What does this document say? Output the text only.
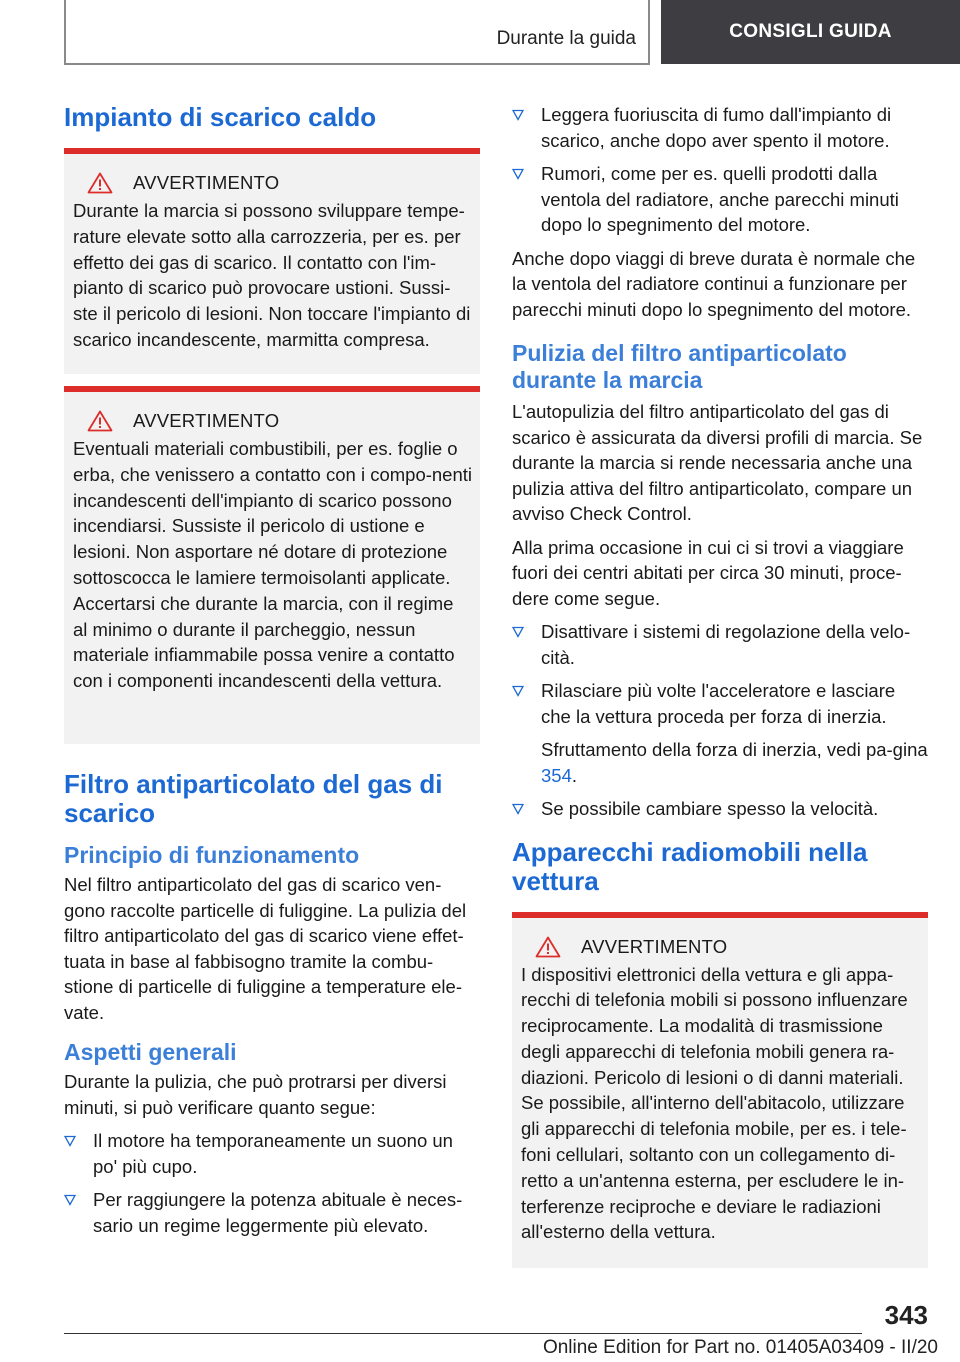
Durante la guida	CONSIGLI GUIDA
Impianto di scarico caldo
AVVERTIMENTO

Durante la marcia si possono sviluppare tempe-rature elevate sotto alla carrozzeria, per es. per effetto dei gas di scarico. Il contatto con l'im-pianto di scarico può provocare ustioni. Sussi-ste il pericolo di lesioni. Non toccare l'impianto di scarico incandescente, marmitta compresa.

AVVERTIMENTO

Eventuali materiali combustibili, per es. foglie o erba, che venissero a contatto con i compo-nenti incandescenti dell'impianto di scarico possono incendiarsi. Sussiste il pericolo di ustione e lesioni. Non asportare né dotare di protezione sottoscocca le lamiere termoisolanti applicate. Accertarsi che durante la marcia, con il regime al minimo o durante il parcheggio, nessun materiale infiammabile possa venire a contatto con i componenti incandescenti della vettura.

Filtro antiparticolato del gas di scarico
Principio di funzionamento

Nel filtro antiparticolato del gas di scarico ven-gono raccolte particelle di fuliggine. La pulizia del filtro antiparticolato del gas di scarico viene effet-tuata in base al fabbisogno tramite la combu-stione di particelle di fuliggine a temperature ele-vate.

Aspetti generali

Durante la pulizia, che può protrarsi per diversi minuti, si può verificare quanto segue:

Il motore ha temporaneamente un suono un po' più cupo.
Per raggiungere la potenza abituale è neces-sario un regime leggermente più elevato.
Leggera fuoriuscita di fumo dall'impianto di scarico, anche dopo aver spento il motore.
Rumori, come per es. quelli prodotti dalla ventola del radiatore, anche parecchi minuti dopo lo spegnimento del motore.

Anche dopo viaggi di breve durata è normale che la ventola del radiatore continui a funzionare per parecchi minuti dopo lo spegnimento del motore.

Pulizia del filtro antiparticolato durante la marcia

L'autopulizia del filtro antiparticolato del gas di scarico è assicurata da diversi profili di marcia. Se durante la marcia si rende necessaria anche una pulizia attiva del filtro antiparticolato, compare un avviso Check Control.

Alla prima occasione in cui ci si trovi a viaggiare fuori dei centri abitati per circa 30 minuti, proce-dere come segue.

Disattivare i sistemi di regolazione della velo-cità.
Rilasciare più volte l'acceleratore e lasciare che la vettura proceda per forza di inerzia.
Sfruttamento della forza di inerzia, vedi pa-gina 354.
Se possibile cambiare spesso la velocità.
Apparecchi radiomobili nella vettura
AVVERTIMENTO

I dispositivi elettronici della vettura e gli appa-recchi di telefonia mobili si possono influenzare reciprocamente. La modalità di trasmissione degli apparecchi di telefonia mobili genera ra-diazioni. Pericolo di lesioni o di danni materiali. Se possibile, all'interno dell'abitacolo, utilizzare gli apparecchi di telefonia mobile, per es. i tele-foni cellulari, soltanto con un collegamento di-retto a un'antenna esterna, per escludere le in-terferenze reciproche e deviare le radiazioni all'esterno della vettura.

343
Online Edition for Part no. 01405A03409 - II/20
